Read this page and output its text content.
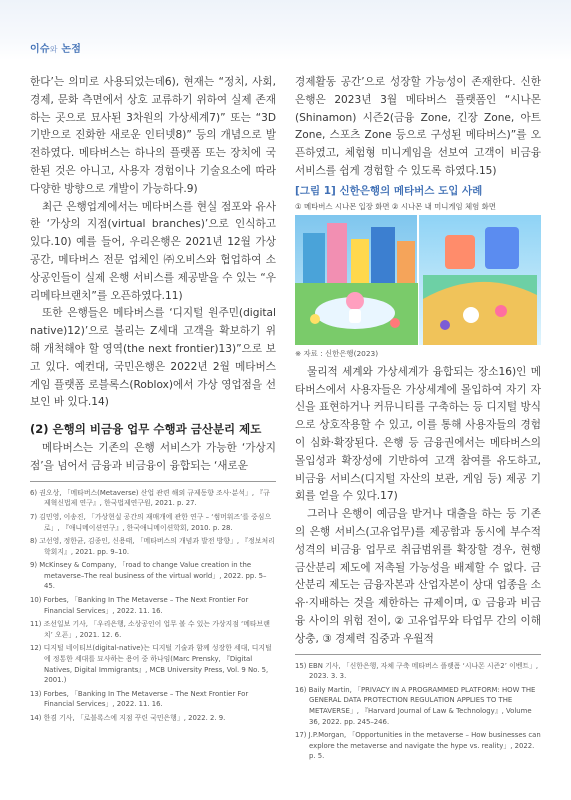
이슈와 논점

한다’는 의미로 사용되었는데6), 현재는 “정치, 사회, 경제, 문화 측면에서 상호 교류하기 위하여 실제 존재하는 곳으로 묘사된 3차원의 가상세계7)” 또는 “3D 기반으로 진화한 새로운 인터넷8)” 등의 개념으로 발전하였다. 메타버스는 하나의 플랫폼 또는 장치에 국한된 것은 아니고, 사용자 경험이나 기술요소에 따라 다양한 방향으로 개발이 가능하다.9)

최근 은행업계에서는 메타버스를 현실 점포와 유사한 ‘가상의 지점(virtual branches)’으로 인식하고 있다.10) 예를 들어, 우리은행은 2021년 12월 가상공간, 메타버스 전문 업체인 ㈜오비스와 협업하여 소상공인들이 실제 은행 서비스를 제공받을 수 있는 “우리메타브랜치”를 오픈하였다.11)

또한 은행들은 메타버스를 ‘디지털 원주민(digital native)12)’으로 불리는 Z세대 고객을 확보하기 위해 개척해야 할 영역(the next frontier)13)”으로 보고 있다. 예컨대, 국민은행은 2022년 2월 메타버스 게임 플랫폼 로블록스(Roblox)에서 가상 영업점을 선보인 바 있다.14)

(2) 은행의 비금융 업무 수행과 금산분리 제도

메타버스는 기존의 은행 서비스가 가능한 ‘가상지점’을 넘어서 금융과 비금융이 융합되는 ‘새로운

6) 권오상, 「메타버스(Metaverse) 산업 관련 해외 규제동향 조사·분석」, 『규제혁신법제 연구』, 한국법제연구원, 2021. p. 27.

7) 김민영, 이송진, 「가상현실 공간의 재매개에 관한 연구 – ‘썸머워즈’를 중심으로」, 『애니메이션연구』, 한국애니메이션학회, 2010. p. 28.

8) 고선영, 정한균, 김종인, 신용태, 「메타버스의 개념과 발전 방향」, 『정보처리학회지』, 2021. pp. 9–10.

9) McKinsey & Company, 「road to change Value creation in the metaverse–The real business of the virtual world」, 2022. pp. 5–45.

10) Forbes, 「Banking In The Metaverse – The Next Frontier For Financial Services」, 2022. 11. 16.

11) 조선일보 기사, 「우리은행, 소상공인이 업무 볼 수 있는 가상지점 ‘메타브랜치’ 오픈」, 2021. 12. 6.

12) 디지털 네이티브(digital-native)는 디지털 기술과 함께 성장한 세대, 디지털에 정통한 세대를 묘사하는 용어 중 하나임(Marc Prensky, 『Digital Natives, Digital Immigrants』, MCB University Press, Vol. 9 No. 5, 2001.)

13) Forbes, 「Banking In The Metaverse – The Next Frontier For Financial Services」, 2022. 11. 16.

14) 한겸 기사, 「로블록스에 지점 꾸린 국민은행」, 2022. 2. 9.

경제활동 공간’으로 성장할 가능성이 존재한다. 신한은행은 2023년 3월 메타버스 플랫폼인 “시나몬(Shinamon) 시즌2(금융 Zone, 긴장 Zone, 아트 Zone, 스포츠 Zone 등으로 구성된 메타버스)”를 오픈하였고, 체험형 미니게임을 선보여 고객이 비금융 서비스를 쉽게 경험할 수 있도록 하였다.15)

[그림 1] 신한은행의 메타버스 도입 사례
① 메타버스 시나몬 입장 화면 ② 시나몬 내 미니게임 체험 화면
※ 자료 : 신한은행(2023)

물리적 세계와 가상세계가 융합되는 장소16)인 메타버스에서 사용자들은 가상세계에 몰입하여 자기 자신을 표현하거나 커뮤니티를 구축하는 등 디지털 방식으로 상호작용할 수 있고, 이를 통해 사용자들의 경험이 심화·확장된다. 은행 등 금융권에서는 메타버스의 몰입성과 확장성에 기반하여 고객 참여를 유도하고, 비금융 서비스(디지털 자산의 보관, 게임 등) 제공 기회를 얻을 수 있다.17)

그러나 은행이 예금을 받거나 대출을 하는 등 기존의 은행 서비스(고유업무)를 제공함과 동시에 부수적 성격의 비금융 업무로 취급범위를 확장할 경우, 현행 금산분리 제도에 저촉될 가능성을 배제할 수 없다. 금산분리 제도는 금융자본과 산업자본이 상대 업종을 소유·지배하는 것을 제한하는 규제이며, ① 금융과 비금융 사이의 위험 전이, ② 고유업무와 타업무 간의 이해상충, ③ 경제력 집중과 우월적

15) EBN 기사, 「신한은행, 자체 구축 메타버스 플랫폼 ‘시나몬 시즌2’ 이벤트」, 2023. 3. 3.

16) Baily Martin, 「PRIVACY IN A PROGRAMMED PLATFORM: HOW THE GENERAL DATA PROTECTION REGULATION APPLIES TO THE METAVERSE」, 『Harvard Journal of Law & Technology』, Volume 36, 2022. pp. 245–246.

17) J.P.Morgan, 「Opportunities in the metaverse – How businesses can explore the metaverse and navigate the hype vs. reality」, 2022. p. 5.
